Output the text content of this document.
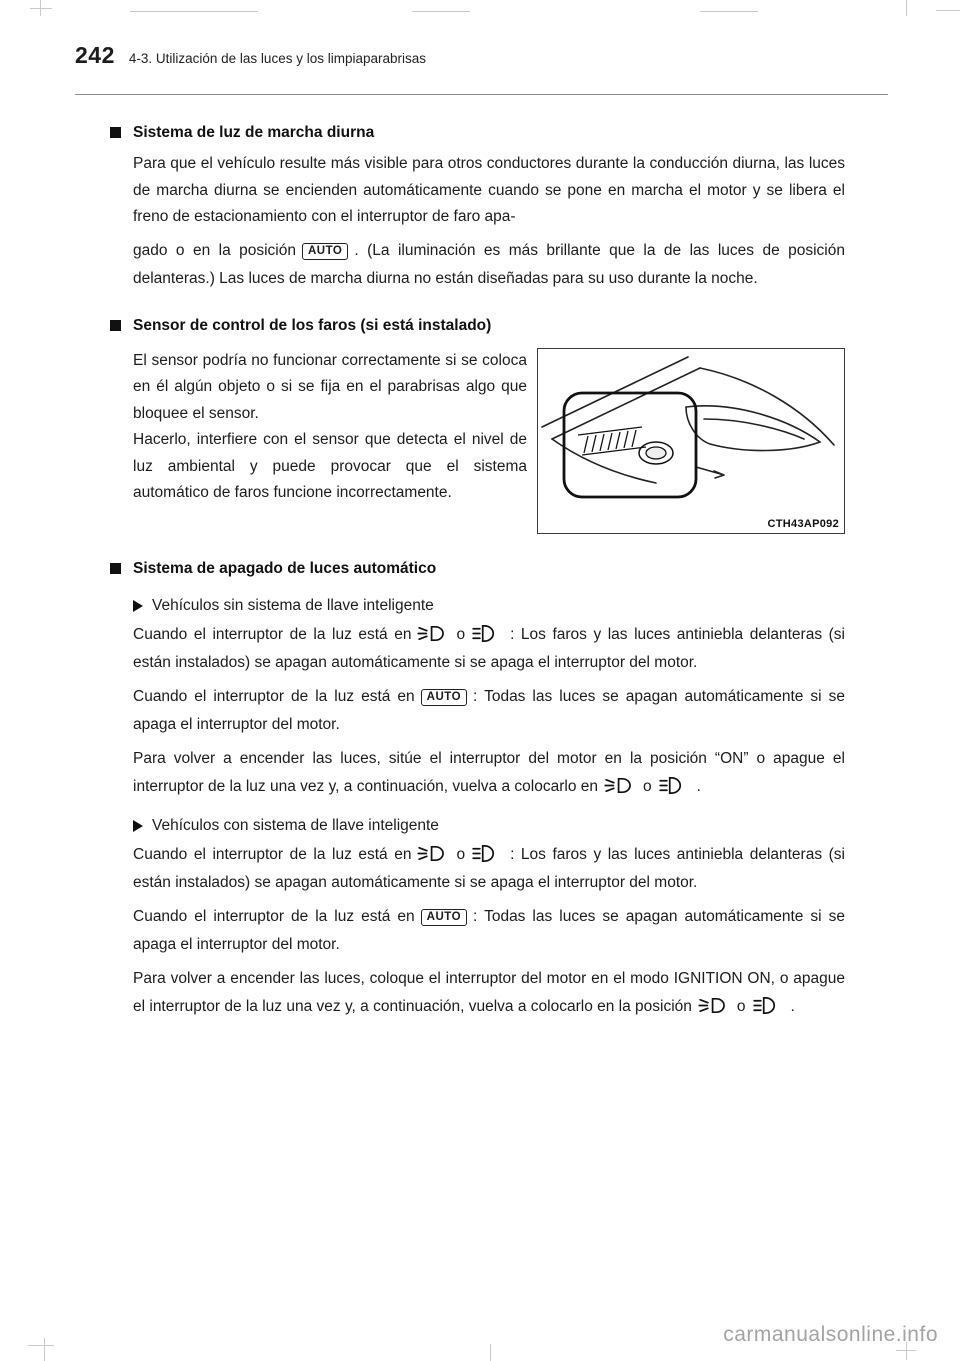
242 4-3. Utilización de las luces y los limpiaparabrisas
Sistema de luz de marcha diurna

Para que el vehículo resulte más visible para otros conductores durante la conducción diurna, las luces de marcha diurna se encienden automáticamente cuando se pone en marcha el motor y se libera el freno de estacionamiento con el interruptor de faro apa-

gado o en la posición AUTO . (La iluminación es más brillante que la de las luces de posición delanteras.) Las luces de marcha diurna no están diseñadas para su uso durante la noche.

Sensor de control de los faros (si está instalado)
El sensor podría no funcionar correctamente si se coloca en él algún objeto o si se fija en el parabrisas algo que bloquee el sensor.
Hacerlo, interfiere con el sensor que detecta el nivel de luz ambiental y puede provocar que el sistema automático de faros funcione incorrectamente.
CTH43AP092
Sistema de apagado de luces automático
Vehículos sin sistema de llave inteligente

Cuando el interruptor de la luz está en	o	: Los faros y las luces antiniebla delanteras (si están instalados) se apagan automáticamente si se apaga el interruptor del motor.

Cuando el interruptor de la luz está en AUTO : Todas las luces se apagan automáticamente si se apaga el interruptor del motor.

Para volver a encender las luces, sitúe el interruptor del motor en la posición “ON” o apague el interruptor de la luz una vez y, a continuación, vuelva a colocarlo en	o	.

Vehículos con sistema de llave inteligente

Cuando el interruptor de la luz está en	o	: Los faros y las luces antiniebla delanteras (si están instalados) se apagan automáticamente si se apaga el interruptor del motor.

Cuando el interruptor de la luz está en AUTO : Todas las luces se apagan automáticamente si se apaga el interruptor del motor.

Para volver a encender las luces, coloque el interruptor del motor en el modo IGNITION ON, o apague el interruptor de la luz una vez y, a continuación, vuelva a colocarlo en la posición	o	.

carmanualsonline.info
